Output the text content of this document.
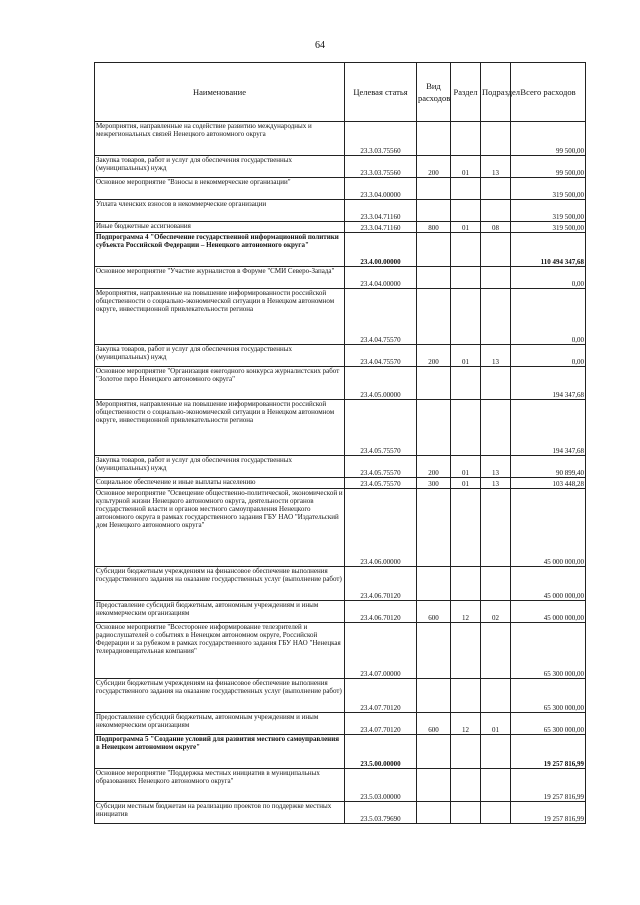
64
Наименование	Целевая статья	Вид расходов	Раздел	Подраздел	Всего расходов
Мероприятия, направленные на содействие развитию международных и межрегиональных связей Ненецкого автономного округа	23.3.03.75560				99 500,00
Закупка товаров, работ и услуг для обеспечения государственных (муниципальных) нужд	23.3.03.75560	200	01	13	99 500,00
Основное мероприятие "Взносы в некоммерческие организации"	23.3.04.00000				319 500,00
Уплата членских взносов в некоммерческие организации	23.3.04.71160				319 500,00
Иные бюджетные ассигнования	23.3.04.71160	800	01	08	319 500,00
Подпрограмма 4 "Обеспечение государственной информационной политики субъекта Российской Федерации – Ненецкого автономного округа"	23.4.00.00000				110 494 347,68
Основное мероприятие "Участие журналистов в Форуме "СМИ Северо-Запада"	23.4.04.00000				0,00
Мероприятия, направленные на повышение информированности российской общественности о социально-экономической ситуации в Ненецком автономном округе, инвестиционной привлекательности региона	23.4.04.75570				0,00
Закупка товаров, работ и услуг для обеспечения государственных (муниципальных) нужд	23.4.04.75570	200	01	13	0,00
Основное мероприятие "Организация ежегодного конкурса журналистских работ "Золотое перо Ненецкого автономного округа"	23.4.05.00000				194 347,68
Мероприятия, направленные на повышение информированности российской общественности о социально-экономической ситуации в Ненецком автономном округе, инвестиционной привлекательности региона	23.4.05.75570				194 347,68
Закупка товаров, работ и услуг для обеспечения государственных (муниципальных) нужд	23.4.05.75570	200	01	13	90 899,40
Социальное обеспечение и иные выплаты населению	23.4.05.75570	300	01	13	103 448,28
Основное мероприятие "Освещение общественно-политической, экономической и культурной жизни Ненецкого автономного округа, деятельности органов государственной власти и органов местного самоуправления Ненецкого автономного округа в рамках государственного задания ГБУ НАО "Издательский дом Ненецкого автономного округа"	23.4.06.00000				45 000 000,00
Субсидии бюджетным учреждениям на финансовое обеспечение выполнения государственного задания на оказание государственных услуг (выполнение работ)	23.4.06.70120				45 000 000,00
Предоставление субсидий бюджетным, автономным учреждениям и иным некоммерческим организациям	23.4.06.70120	600	12	02	45 000 000,00
Основное мероприятие "Всесторонее информирование телезрителей и радиослушателей о событиях в Ненецком автономном округе, Российской Федерации и за рубежом в рамках государственного задания ГБУ НАО "Ненецкая телерадиовещательная компания"	23.4.07.00000				65 300 000,00
Субсидии бюджетным учреждениям на финансовое обеспечение выполнения государственного задания на оказание государственных услуг (выполнение работ)	23.4.07.70120				65 300 000,00
Предоставление субсидий бюджетным, автономным учреждениям и иным некоммерческим организациям	23.4.07.70120	600	12	01	65 300 000,00
Подпрограмма 5 "Создание условий для развития местного самоуправления в Ненецком автономном округе"	23.5.00.00000				19 257 816,99
Основное мероприятие "Поддержка местных инициатив в муниципальных образованиях Ненецкого автономного округа"	23.5.03.00000				19 257 816,99
Субсидии местным бюджетам на реализацию проектов по поддержке местных инициатив	23.5.03.79690				19 257 816,99
